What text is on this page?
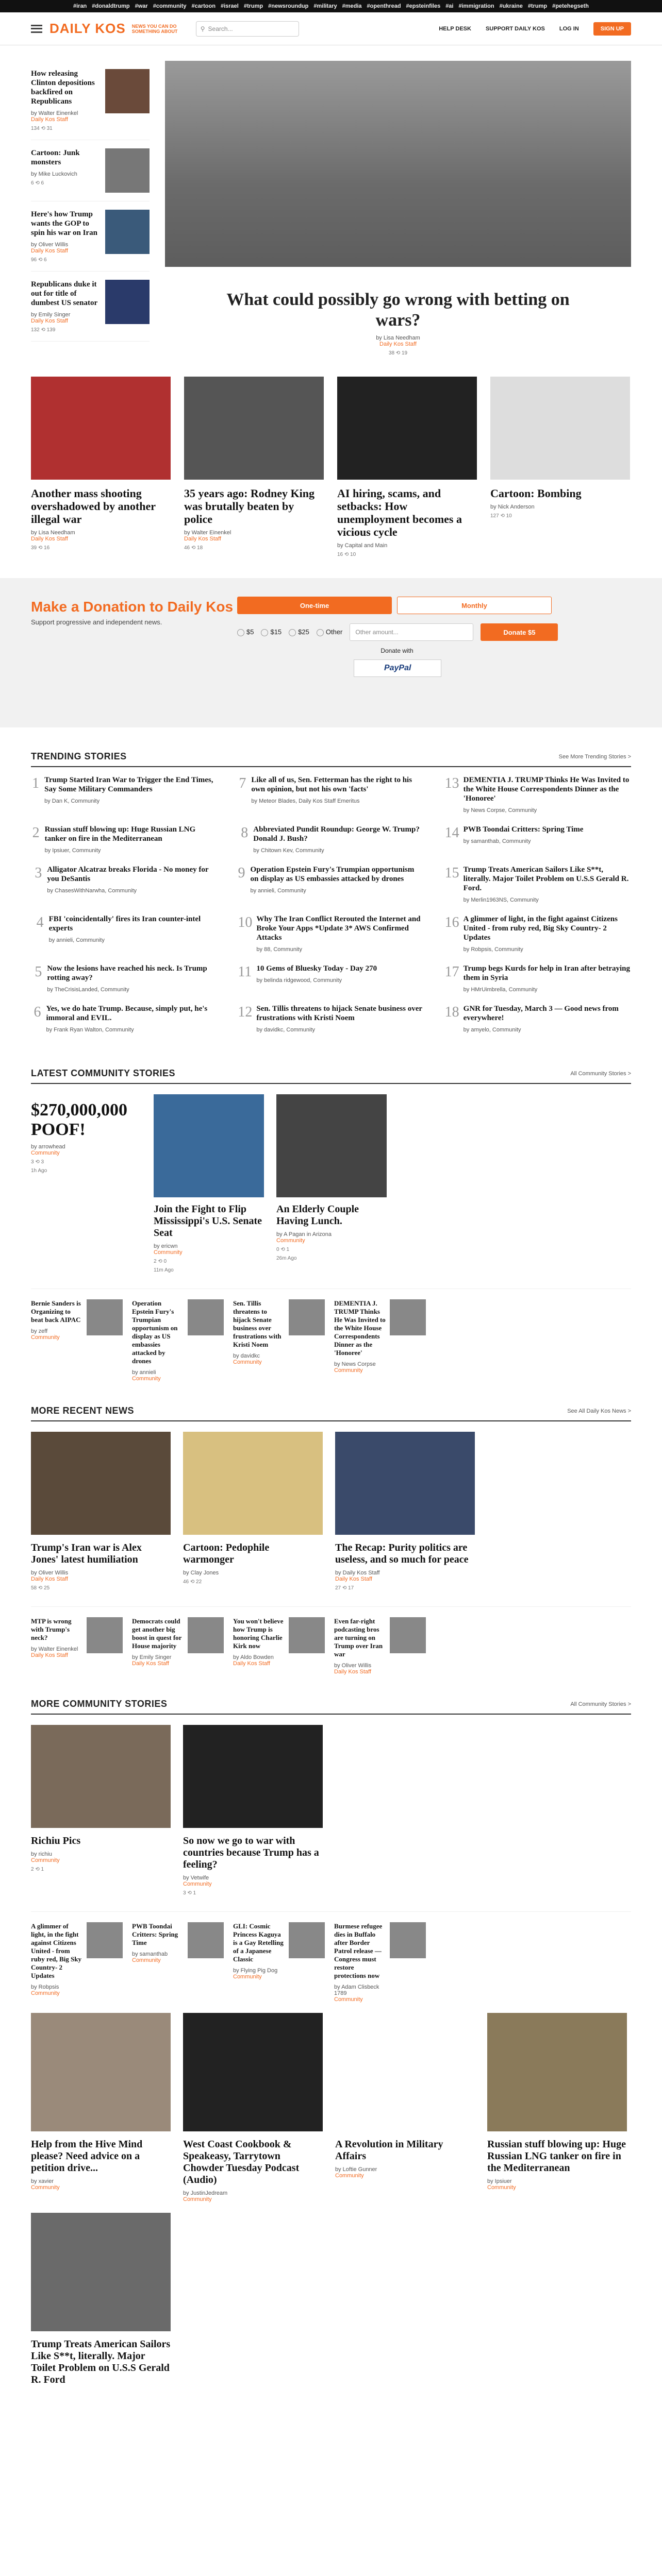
#iran #donaldtrump #war #community #cartoon #israel #trump #newsroundup #military #media #openthread #epsteinfiles #ai #immigration #ukraine #trump #petehegseth
DAILY KOS NEWS YOU CAN DO SOMETHING ABOUT	⚲ Search...	HELP DESK	SUPPORT DAILY KOS	LOG IN	SIGN UP
How releasing Clinton depositions backfired on Republicans
by Walter Einenkel
Daily Kos Staff
134 ⟲ 31
Cartoon: Junk monsters
by Mike Luckovich
6 ⟲ 6
Here's how Trump wants the GOP to spin his war on Iran
by Oliver Willis
Daily Kos Staff
96 ⟲ 6
Republicans duke it out for title of dumbest US senator
by Emily Singer
Daily Kos Staff
132 ⟲ 139
What could possibly go wrong with betting on wars?
by Lisa Needham
Daily Kos Staff
38 ⟲ 19
Another mass shooting overshadowed by another illegal war
by Lisa Needham
Daily Kos Staff
39 ⟲ 16
35 years ago: Rodney King was brutally beaten by police
by Walter Einenkel
Daily Kos Staff
46 ⟲ 18
AI hiring, scams, and setbacks: How unemployment becomes a vicious cycle
by Capital and Main
16 ⟲ 10
Cartoon: Bombing
by Nick Anderson
127 ⟲ 10
Make a Donation to Daily Kos

Support progressive and independent news.

One-time	Monthly
$5	$15	$25	Other	Other amount...	Donate $5
Donate with
PayPal
TRENDING STORIES	See More Trending Stories >
1 Trump Started Iran War to Trigger the End Times, Say Some Military Commanders
by Dan K, Community
7 Like all of us, Sen. Fetterman has the right to his own opinion, but not his own 'facts'
by Meteor Blades, Daily Kos Staff Emeritus
13 DEMENTIA J. TRUMP Thinks He Was Invited to the White House Correspondents Dinner as the 'Honoree'
by News Corpse, Community
2 Russian stuff blowing up: Huge Russian LNG tanker on fire in the Mediterranean
by Ipsiuer, Community
8 Abbreviated Pundit Roundup: George W. Trump? Donald J. Bush?
by Chitown Kev, Community
14 PWB Toondai Critters: Spring Time
by samanthab, Community
3 Alligator Alcatraz breaks Florida - No money for you DeSantis
by ChasesWithNarwha, Community
9 Operation Epstein Fury's Trumpian opportunism on display as US embassies attacked by drones
by annieli, Community
15 Trump Treats American Sailors Like S**t, literally. Major Toilet Problem on U.S.S Gerald R. Ford.
by Merlin1963NS, Community
4 FBI 'coincidentally' fires its Iran counter-intel experts
by annieli, Community
10 Why The Iran Conflict Rerouted the Internet and Broke Your Apps *Update 3* AWS Confirmed Attacks
by 88, Community
16 A glimmer of light, in the fight against Citizens United - from ruby red, Big Sky Country- 2 Updates
by Robpsis, Community
5 Now the lesions have reached his neck. Is Trump rotting away?
by TheCrisisLanded, Community
11 10 Gems of Bluesky Today - Day 270
by belinda ridgewood, Community
17 Trump begs Kurds for help in Iran after betraying them in Syria
by HMrUimbrella, Community
6 Yes, we do hate Trump. Because, simply put, he's immoral and EVIL.
by Frank Ryan Walton, Community
12 Sen. Tillis threatens to hijack Senate business over frustrations with Kristi Noem
by davidkc, Community
18 GNR for Tuesday, March 3 — Good news from everywhere!
by amyelo, Community
LATEST COMMUNITY STORIES	All Community Stories >
$270,000,000 POOF!
by arrowhead
Community
3 ⟲ 3
1h Ago
Join the Fight to Flip Mississippi's U.S. Senate Seat
by ericwn
Community
2 ⟲ 0
11m Ago
An Elderly Couple Having Lunch.
by A Pagan in Arizona
Community
0 ⟲ 1
26m Ago
Bernie Sanders is Organizing to beat back AIPAC
by zeff
Community
Operation Epstein Fury's Trumpian opportunism on display as US embassies attacked by drones
by annieli
Community
Sen. Tillis threatens to hijack Senate business over frustrations with Kristi Noem
by davidkc
Community
DEMENTIA J. TRUMP Thinks He Was Invited to the White House Correspondents Dinner as the 'Honoree'
by News Corpse
Community
MORE RECENT NEWS	See All Daily Kos News >
Trump's Iran war is Alex Jones' latest humiliation
by Oliver Willis
Daily Kos Staff
58 ⟲ 25
Cartoon: Pedophile warmonger
by Clay Jones
46 ⟲ 22
The Recap: Purity politics are useless, and so much for peace
by Daily Kos Staff
Daily Kos Staff
27 ⟲ 17
MTP is wrong with Trump's neck?
by Walter Einenkel
Daily Kos Staff
Democrats could get another big boost in quest for House majority
by Emily Singer
Daily Kos Staff
You won't believe how Trump is honoring Charlie Kirk now
by Aldo Bowden
Daily Kos Staff
Even far-right podcasting bros are turning on Trump over Iran war
by Oliver Willis
Daily Kos Staff
MORE COMMUNITY STORIES	All Community Stories >
Richiu Pics
by richiu
Community
2 ⟲ 1
So now we go to war with countries because Trump has a feeling?
by Vetwife
Community
3 ⟲ 1
A glimmer of light, in the fight against Citizens United - from ruby red, Big Sky Country- 2 Updates
by Robpsis
Community
PWB Toondai Critters: Spring Time
by samanthab
Community
GLI: Cosmic Princess Kaguya is a Gay Retelling of a Japanese Classic
by Flying Pig Dog
Community
Burmese refugee dies in Buffalo after Border Patrol release —Congress must restore protections now
by Adam Clisbeck 1789
Community
Help from the Hive Mind please? Need advice on a petition drive...
by xavier
Community
West Coast Cookbook & Speakeasy, Tarrytown Chowder Tuesday Podcast (Audio)
by JustinJedream
Community
A Revolution in Military Affairs
by Loftie Gunner
Community
Russian stuff blowing up: Huge Russian LNG tanker on fire in the Mediterranean
by Ipsiuer
Community
Trump Treats American Sailors Like S**t, literally. Major Toilet Problem on U.S.S Gerald R. Ford
